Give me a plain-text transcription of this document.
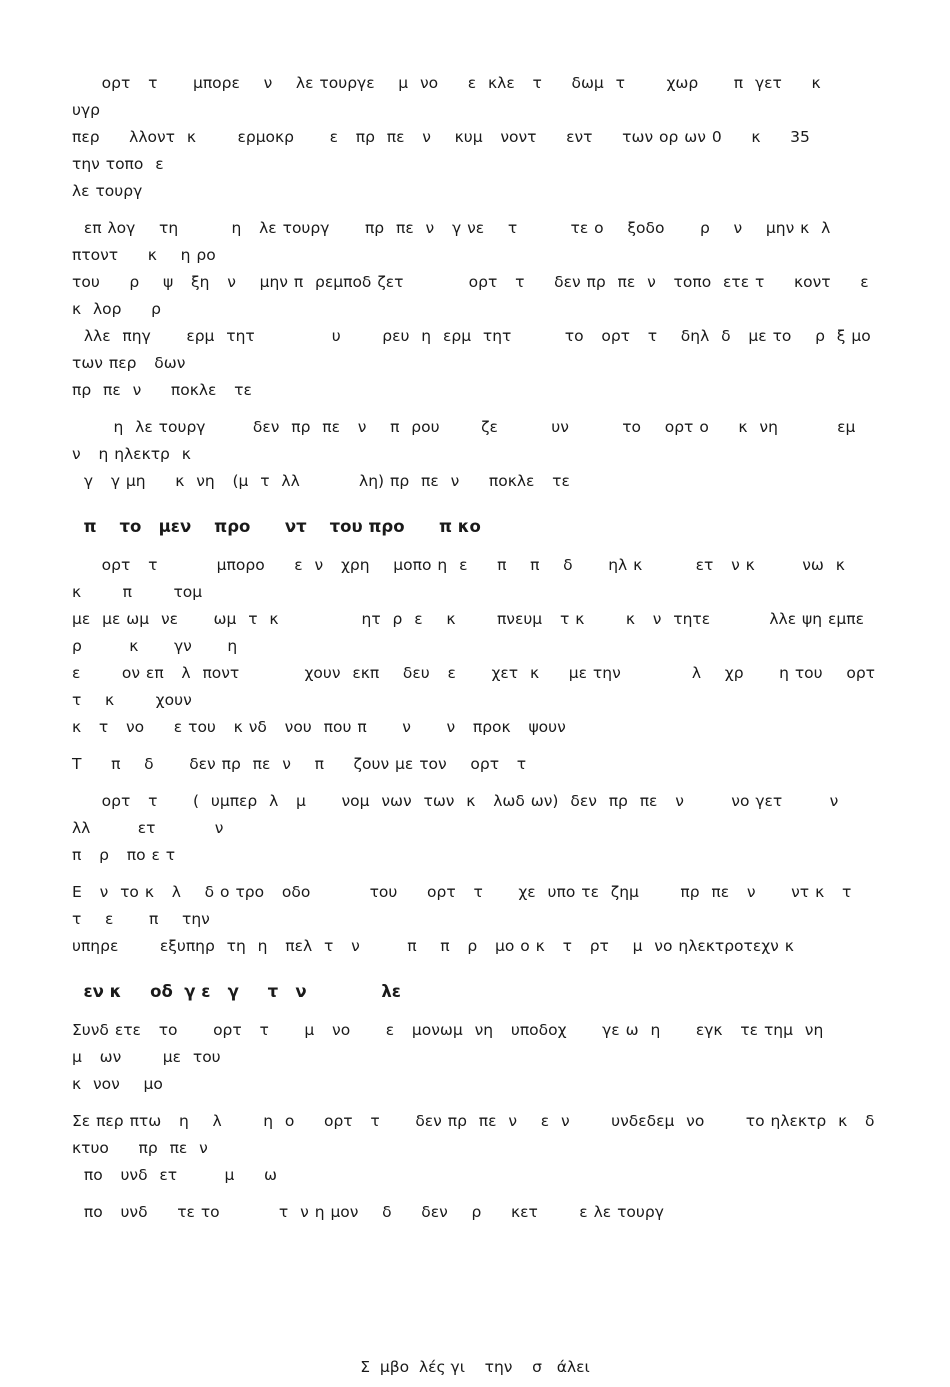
ορτ   τ      μπορε    ν    λε τουργε    μ  νο     ε  κλε   τ     δωμ  τ       χωρ      π  γετ     κ      υγρ
περ     λλοντ  κ       ερμοκρ      ε   πρ  πε   ν    κυμ   νοντ     εντ     των ορ ων 0     κ     35       την τοπο  ε
λε τουργ

επ λογ    τη         η   λε τουργ      πρ  πε  ν   γ νε    τ         τε ο    ξοδο      ρ    ν    μην κ  λ  πτοντ     κ    η ρο
του     ρ    ψ   ξη   ν    μην π  ρεμποδ ζετ           ορτ   τ     δεν πρ  πε  ν   τοπο  ετε τ     κοντ     ε κ  λορ     ρ
λλε  πηγ      ερμ  τητ             υ       ρευ  η  ερμ  τητ         το   ορτ   τ    δηλ  δ   με το    ρ  ξ μο των περ   δων
πρ  πε  ν     ποκλε   τε

η  λε τουργ        δεν  πρ  πε   ν    π  ρου       ζε         υν         το    ορτ ο     κ  νη          εμ      ν   η ηλεκτρ  κ
γ   γ μη     κ  νη   (μ  τ  λλ          λη) πρ  πε  ν     ποκλε   τε

π    το   μεν    προ      ντ    του προ      π κο

ορτ   τ          μπορο     ε  ν   χρη    μοπο η  ε     π    π    δ      ηλ κ         ετ   ν κ        νω  κ           κ       π       τομ
με  με ωμ  νε      ωμ  τ  κ              ητ  ρ  ε    κ       πνευμ   τ κ       κ   ν  τητε          λλε ψη εμπε ρ        κ      γν      η
ε       ον επ   λ  ποντ           χουν  εκπ    δευ   ε      χετ  κ     με την            λ    χρ      η του    ορτ   τ    κ       χουν
κ   τ   νο     ε του   κ νδ   νου  που π      ν      ν   προκ   ψουν

Τ     π    δ      δεν πρ  πε  ν    π     ζουν με τον    ορτ   τ

ορτ   τ      (  υμπερ  λ   μ      νομ  νων  των  κ   λωδ ων)  δεν  πρ  πε   ν        νο γετ        ν       λλ        ετ          ν
π   ρ   πο ε τ

Ε   ν  το κ   λ    δ ο τρο   οδο          του     ορτ   τ      χε  υπο τε  ζημ       πρ  πε   ν      ντ κ   τ     τ    ε      π    την
υπηρε       εξυπηρ  τη  η   πελ  τ   ν        π    π   ρ   μο ο κ   τ   ρτ    μ  νο ηλεκτροτεχν κ

εν κ     οδ  γ ε   γ     τ   ν             λε

Συνδ ετε   το      ορτ   τ      μ   νο      ε   μονωμ  νη   υποδοχ      γε ω  η      εγκ   τε τημ  νη          μ   ων       με  του
κ  νον    μο

Σε περ πτω   η    λ       η  ο     ορτ   τ      δεν πρ  πε  ν    ε  ν       υνδεδεμ  νο       το ηλεκτρ  κ   δ κτυο     πρ  πε  ν
πο   υνδ  ετ        μ     ω

πο   υνδ     τε το          τ  ν η μον    δ     δεν    ρ     κετ       ε λε τουργ

Σ  μβο  λές γι    την    σ   άλει
